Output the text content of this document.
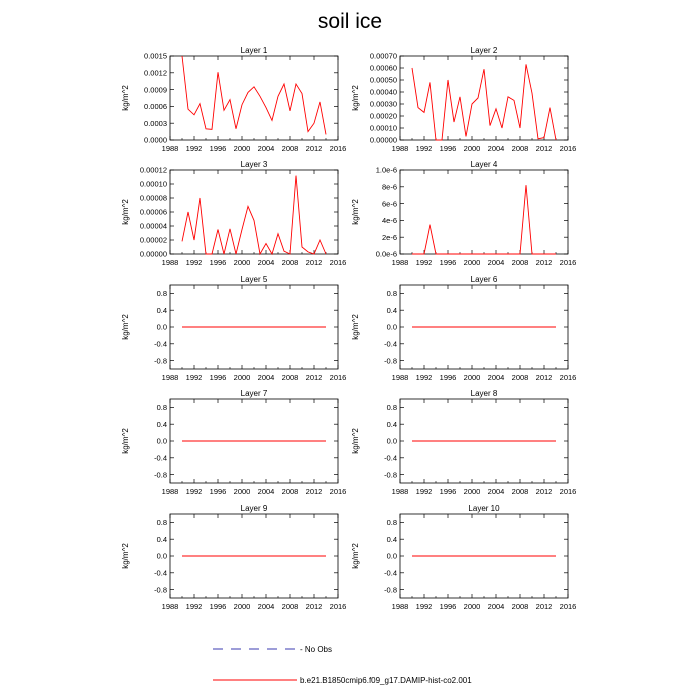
soil ice
Layer 1
1988 1992 1996 2000 2004 2008 2012 2016
0.0000
0.0003
0.0006
0.0009
0.0012
0.0015
kg/m^2
Layer 2
1988 1992 1996 2000 2004 2008 2012 2016
0.00000
0.00010
0.00020
0.00030
0.00040
0.00050
0.00060
0.00070
kg/m^2
Layer 3
1988 1992 1996 2000 2004 2008 2012 2016
0.00000
0.00002
0.00004
0.00006
0.00008
0.00010
0.00012
kg/m^2
Layer 4
1988 1992 1996 2000 2004 2008 2012 2016
0.0e-6
2e-6
4e-6
6e-6
8e-6
1.0e-6
kg/m^2
Layer 5
1988 1992 1996 2000 2004 2008 2012 2016
-0.8
-0.4
0.0
0.4
0.8
kg/m^2
Layer 6
1988 1992 1996 2000 2004 2008 2012 2016
-0.8
-0.4
0.0
0.4
0.8
kg/m^2
Layer 7
1988 1992 1996 2000 2004 2008 2012 2016
-0.8
-0.4
0.0
0.4
0.8
kg/m^2
Layer 8
1988 1992 1996 2000 2004 2008 2012 2016
-0.8
-0.4
0.0
0.4
0.8
kg/m^2
Layer 9
1988 1992 1996 2000 2004 2008 2012 2016
-0.8
-0.4
0.0
0.4
0.8
kg/m^2
Layer 10
1988 1992 1996 2000 2004 2008 2012 2016
-0.8
-0.4
0.0
0.4
0.8
kg/m^2
- No Obs
b.e21.B1850cmip6.f09_g17.DAMIP-hist-co2.001
